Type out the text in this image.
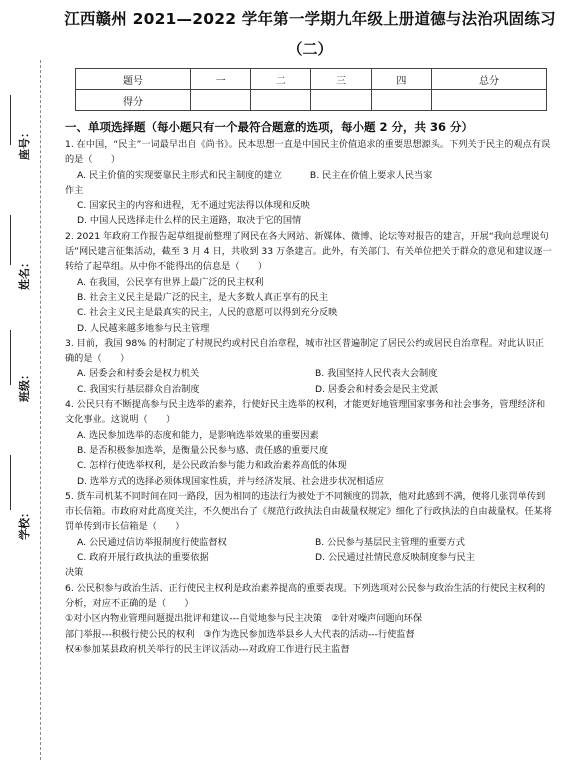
座号：
姓名：
班级：
学校：
江西赣州 2021—2022 学年第一学期九年级上册道德与法治巩固练习
（二）
题号	一	二	三	四	总分
得分					

一、单项选择题（每小题只有一个最符合题意的选项，每小题 2 分，共 36 分）

1. 在中国，“民主”一词最早出自《尚书》。民本思想一直是中国民主价值追求的重要思想源头。下列关于民主的观点有误的是（　　）

A. 民主价值的实现要靠民主形式和民主制度的建立	B. 民主在价值上要求人民当家

作主

C. 国家民主的内容和进程，无不通过宪法得以体现和反映

D. 中国人民选择走什么样的民主道路，取决于它的国情

2. 2021 年政府工作报告起草组提前整理了网民在各大网站、新媒体、微博、论坛等对报告的建言，开展“我向总理说句话”网民建言征集活动，截至 3 月 4 日，共收到 33 万条建言。此外，有关部门、有关单位把关于群众的意见和建议逐一转给了起草组。从中你不能得出的信息是（　　）

A. 在我国，公民享有世界上最广泛的民主权利

B. 社会主义民主是最广泛的民主，是大多数人真正享有的民主

C. 社会主义民主是最真实的民主，人民的意愿可以得到充分反映

D. 人民越来越多地参与民主管理

3. 目前，我国 98% 的村制定了村规民约或村民自治章程，城市社区普遍制定了居民公约或居民自治章程。对此认识正确的是（　　）

A. 居委会和村委会是权力机关	B. 我国坚持人民代表大会制度
C. 我国实行基层群众自治制度	D. 居委会和村委会是民主党派

4. 公民只有不断提高参与民主选举的素养，行使好民主选举的权利，才能更好地管理国家事务和社会事务，管理经济和文化事业。这说明（　　）

A. 选民参加选举的态度和能力，是影响选举效果的重要因素

B. 是否积极参加选举，是衡量公民参与感、责任感的重要尺度

C. 怎样行使选举权利，是公民政治参与能力和政治素养高低的体现

D. 选举方式的选择必须体现国家性质，并与经济发展、社会进步状况相适应

5. 货车司机某不同时间在同一路段，因为相同的违法行为被处于不同额度的罚款，他对此感到不满，便将几张罚单传到市长信箱。市政府对此高度关注，不久便出台了《规范行政执法自由裁量权规定》细化了行政执法的自由裁量权。任某将罚单传到市长信箱是（　　）

A. 公民通过信访举报制度行使监督权	B. 公民参与基层民主管理的重要方式
C. 政府开展行政执法的重要依据	D. 公民通过社情民意反映制度参与民主

决策

6. 公民积参与政治生活、正行使民主权利是政治素养提高的重要表现。下列选项对公民参与政治生活的行使民主权利的分析，对应不正确的是（　　）

①对小区内物业管理问题提出批评和建议---自觉地参与民主决策　②针对噪声问题向环保

部门举报---积极行使公民的权利　③作为选民参加选举县乡人大代表的活动---行使监督

权④参加某县政府机关举行的民主评议活动---对政府工作进行民主监督
